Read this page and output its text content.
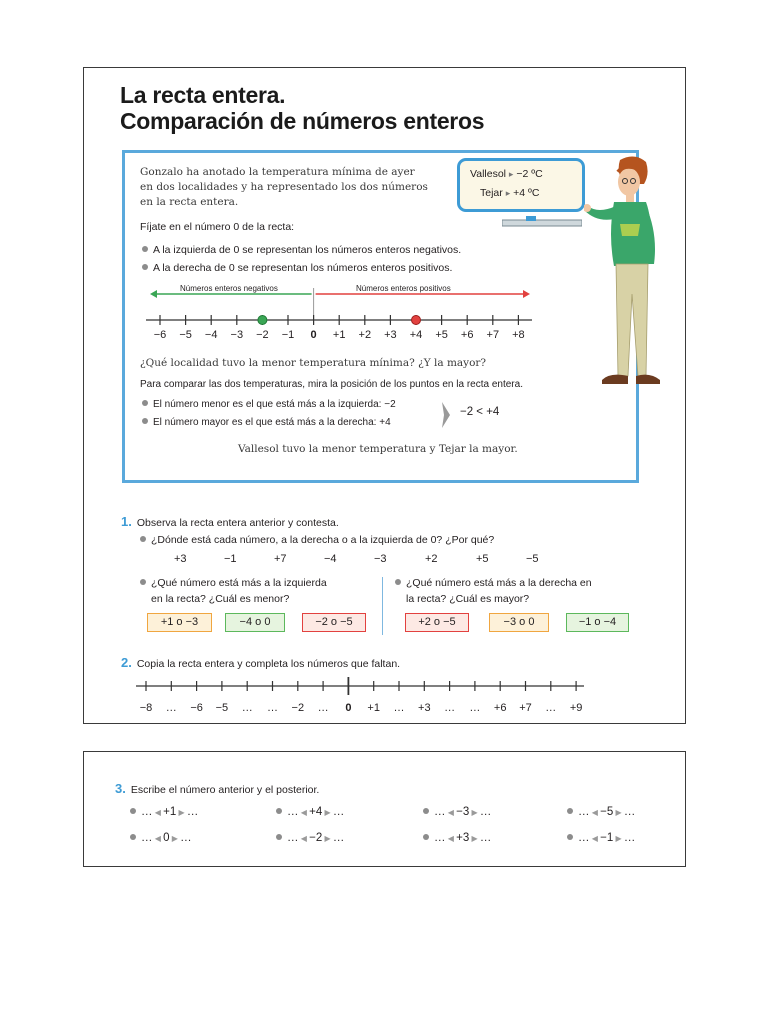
La recta entera.
Comparación de números enteros
Gonzalo ha anotado la temperatura mínima de ayer
en dos localidades y ha representado los dos números
en la recta entera.
Fíjate en el número 0 de la recta:
A la izquierda de 0 se representan los números enteros negativos.
A la derecha de 0 se representan los números enteros positivos.
−6 −5 −4 −3 −2 −1 0 +1 +2 +3 +4 +5 +6 +7 +8
Números enteros negativos	Números enteros positivos
¿Qué localidad tuvo la menor temperatura mínima? ¿Y la mayor?
Para comparar las dos temperaturas, mira la posición de los puntos en la recta entera.
El número menor es el que está más a la izquierda: −2
El número mayor es el que está más a la derecha: +4
−2 < +4
Vallesol tuvo la menor temperatura y Tejar la mayor.
Vallesol ▸ −2 ºC
Tejar ▸ +4 ºC
1. Observa la recta entera anterior y contesta.
¿Dónde está cada número, a la derecha o a la izquierda de 0? ¿Por qué?
+3	−1	+7	−4	−3	+2	+5	−5
¿Qué número está más a la izquierda
en la recta? ¿Cuál es menor?
¿Qué número está más a la derecha en
la recta? ¿Cuál es mayor?
+1 o −3	−4 o 0	−2 o −5	+2 o −5	−3 o 0	−1 o −4
2. Copia la recta entera y completa los números que faltan.
−8 … −6 −5 … … −2 … 0 +1 … +3 … … +6 +7 … +9
3. Escribe el número anterior y el posterior.
… ◀ +1 ▶ …	… ◀ +4 ▶ …	… ◀ −3 ▶ …	… ◀ −5 ▶ …
… ◀ 0 ▶ …	… ◀ −2 ▶ …	… ◀ +3 ▶ …	… ◀ −1 ▶ …
